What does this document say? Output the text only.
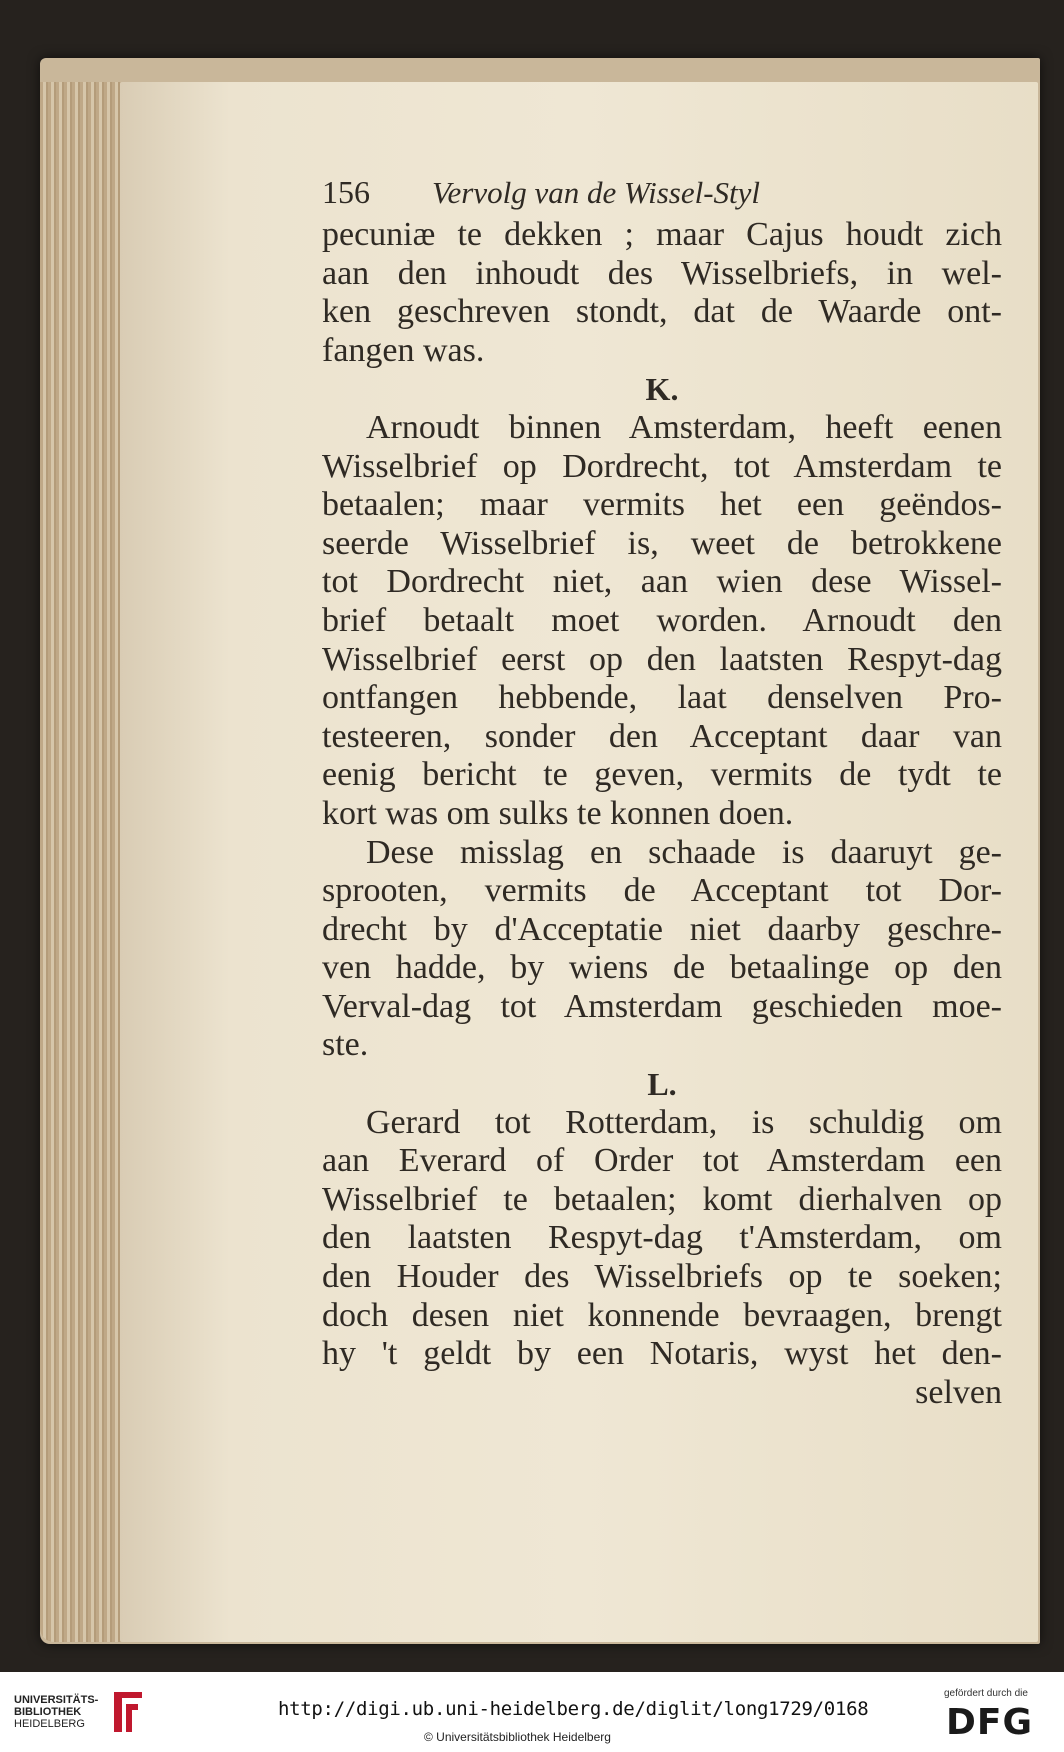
156 Vervolg van de Wissel-Styl
pecuniæ te dekken ; maar Cajus houdt zich
aan den inhoudt des Wisselbriefs, in wel-
ken geschreven stondt, dat de Waarde ont-
fangen was.
K.
Arnoudt binnen Amsterdam, heeft eenen
Wisselbrief op Dordrecht, tot Amsterdam te
betaalen; maar vermits het een geëndos-
seerde Wisselbrief is, weet de betrokkene
tot Dordrecht niet, aan wien dese Wissel-
brief betaalt moet worden. Arnoudt den
Wisselbrief eerst op den laatsten Respyt-dag
ontfangen hebbende, laat denselven Pro-
testeeren, sonder den Acceptant daar van
eenig bericht te geven, vermits de tydt te
kort was om sulks te konnen doen.
Dese misslag en schaade is daaruyt ge-
sprooten, vermits de Acceptant tot Dor-
drecht by d'Acceptatie niet daarby geschre-
ven hadde, by wiens de betaalinge op den
Verval-dag tot Amsterdam geschieden moe-
ste.
L.
Gerard tot Rotterdam, is schuldig om
aan Everard of Order tot Amsterdam een
Wisselbrief te betaalen; komt dierhalven op
den laatsten Respyt-dag t'Amsterdam, om
den Houder des Wisselbriefs op te soeken;
doch desen niet konnende bevraagen, brengt
hy 't geldt by een Notaris, wyst het den-
selven
UNIVERSITÄTS-
BIBLIOTHEK
HEIDELBERG
http://digi.ub.uni-heidelberg.de/diglit/long1729/0168
© Universitätsbibliothek Heidelberg
gefördert durch die
DFG
